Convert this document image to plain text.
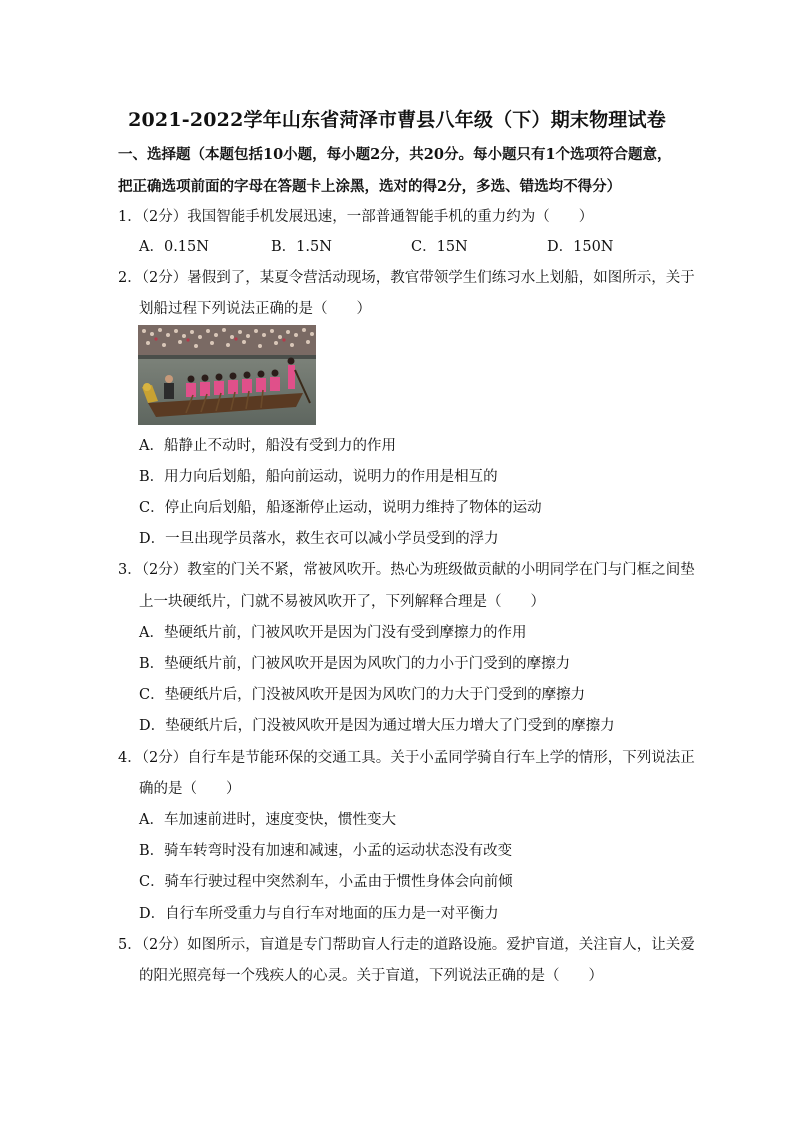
2021-2022学年山东省菏泽市曹县八年级（下）期末物理试卷
一、选择题（本题包括10小题，每小题2分，共20分。每小题只有1个选项符合题意，
把正确选项前面的字母在答题卡上涂黑，选对的得2分，多选、错选均不得分）
1．（2分）我国智能手机发展迅速，一部普通智能手机的重力约为（　　）
A．0.15N	B．1.5N	C．15N	D．150N
2．（2分）暑假到了，某夏令营活动现场，教官带领学生们练习水上划船，如图所示，关于
划船过程下列说法正确的是（　　）
A．船静止不动时，船没有受到力的作用
B．用力向后划船，船向前运动，说明力的作用是相互的
C．停止向后划船，船逐渐停止运动，说明力维持了物体的运动
D．一旦出现学员落水，救生衣可以减小学员受到的浮力
3．（2分）教室的门关不紧，常被风吹开。热心为班级做贡献的小明同学在门与门框之间垫
上一块硬纸片，门就不易被风吹开了，下列解释合理是（　　）
A．垫硬纸片前，门被风吹开是因为门没有受到摩擦力的作用
B．垫硬纸片前，门被风吹开是因为风吹门的力小于门受到的摩擦力
C．垫硬纸片后，门没被风吹开是因为风吹门的力大于门受到的摩擦力
D．垫硬纸片后，门没被风吹开是因为通过增大压力增大了门受到的摩擦力
4．（2分）自行车是节能环保的交通工具。关于小孟同学骑自行车上学的情形，下列说法正
确的是（　　）
A．车加速前进时，速度变快，惯性变大
B．骑车转弯时没有加速和减速，小孟的运动状态没有改变
C．骑车行驶过程中突然刹车，小孟由于惯性身体会向前倾
D．自行车所受重力与自行车对地面的压力是一对平衡力
5．（2分）如图所示，盲道是专门帮助盲人行走的道路设施。爱护盲道，关注盲人，让关爱
的阳光照亮每一个残疾人的心灵。关于盲道，下列说法正确的是（　　）
